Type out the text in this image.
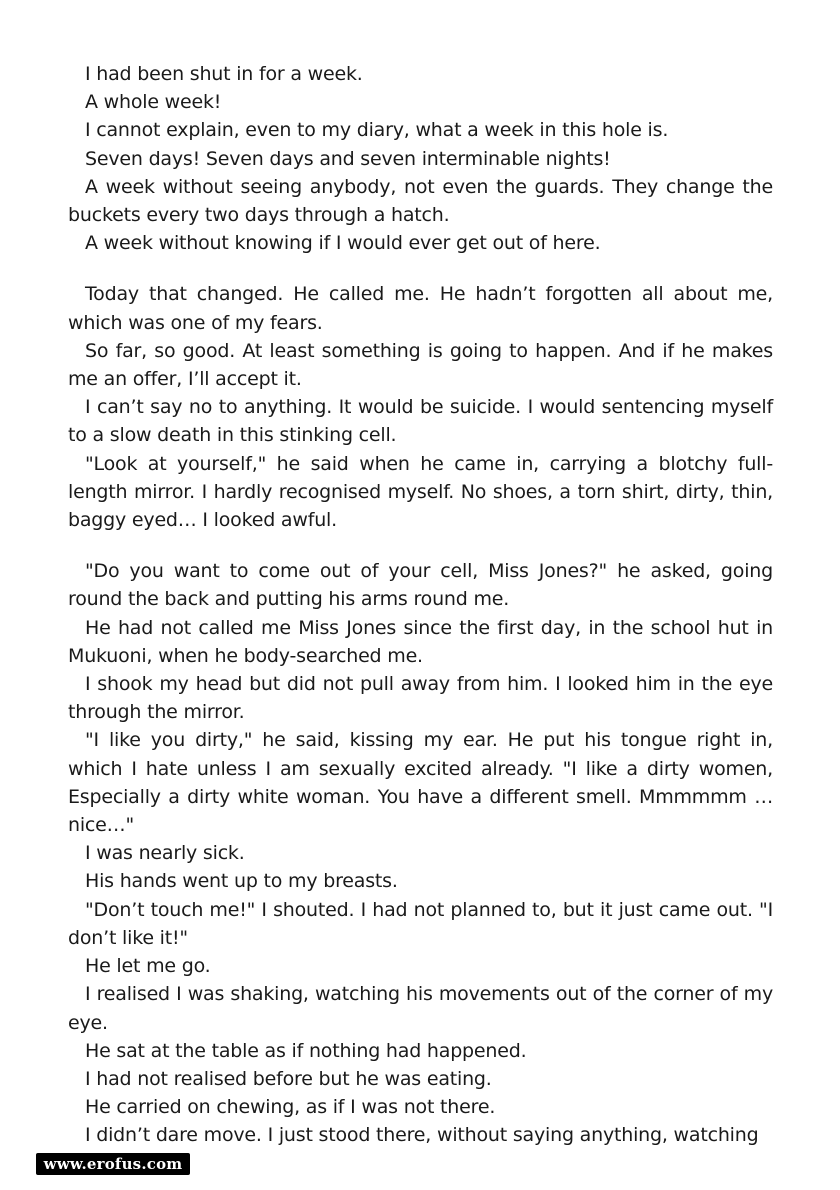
I had been shut in for a week.

A whole week!

I cannot explain, even to my diary, what a week in this hole is.

Seven days! Seven days and seven interminable nights!

A week without seeing anybody, not even the guards. They change the buckets every two days through a hatch.

A week without knowing if I would ever get out of here.

Today that changed. He called me. He hadn’t forgotten all about me, which was one of my fears.

So far, so good. At least something is going to happen. And if he makes me an offer, I’ll accept it.

I can’t say no to anything. It would be suicide. I would sentencing myself to a slow death in this stinking cell.

"Look at yourself," he said when he came in, carrying a blotchy full-length mirror. I hardly recognised myself. No shoes, a torn shirt, dirty, thin, baggy eyed… I looked awful.

"Do you want to come out of your cell, Miss Jones?" he asked, going round the back and putting his arms round me.

He had not called me Miss Jones since the first day, in the school hut in Mukuoni, when he body-searched me.

I shook my head but did not pull away from him. I looked him in the eye through the mirror.

"I like you dirty," he said, kissing my ear. He put his tongue right in, which I hate unless I am sexually excited already. "I like a dirty women, Especially a dirty white woman. You have a different smell. Mmmmmm … nice…"

I was nearly sick.

His hands went up to my breasts.

"Don’t touch me!" I shouted. I had not planned to, but it just came out. "I don’t like it!"

He let me go.

I realised I was shaking, watching his movements out of the corner of my eye.

He sat at the table as if nothing had happened.

I had not realised before but he was eating.

He carried on chewing, as if I was not there.

I didn’t dare move. I just stood there, without saying anything, watching

www.erofus.com
